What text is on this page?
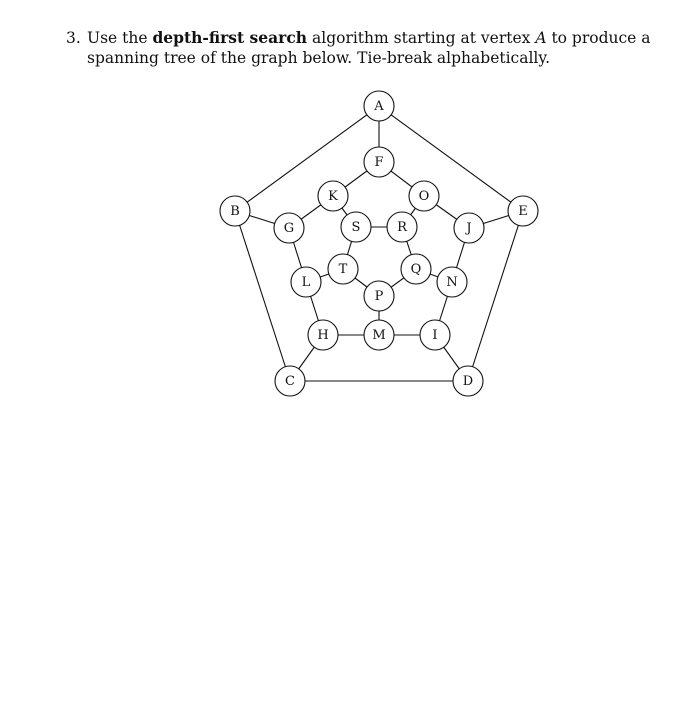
3. Use the depth-first search algorithm starting at vertex A to produce a spanning tree of the graph below. Tie-break alphabetically.
A
B
C	D
E
F
G
H	I
J
K
L
M
N
O
P
Q
R
S
T
